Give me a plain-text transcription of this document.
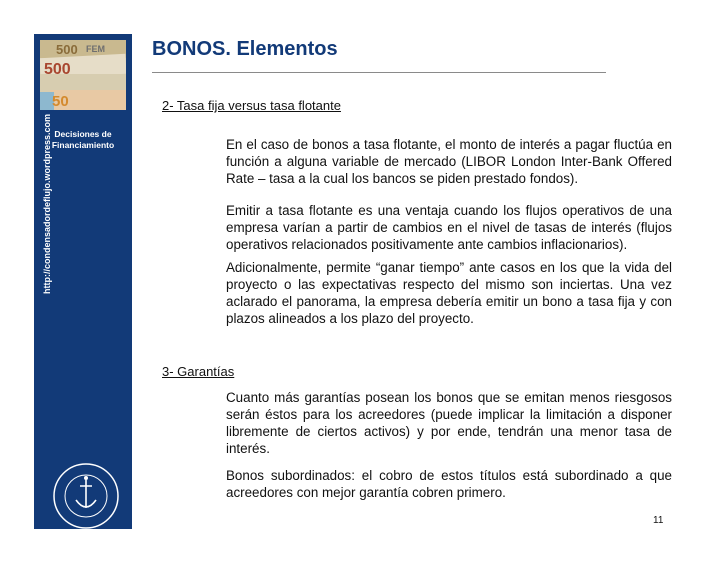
500 FEM
500
50
Decisiones de
Financiamiento
http://condensadordeflujo.wordpress.com
BONOS. Elementos
2- Tasa fija versus tasa flotante

En el caso de bonos a tasa flotante, el monto de interés a pagar fluctúa en función a alguna variable de mercado (LIBOR London Inter-Bank Offered Rate – tasa a la cual los bancos se piden prestado fondos).

Emitir a tasa flotante es una ventaja cuando los flujos operativos de una empresa varían a partir de cambios en el nivel de tasas de interés (flujos operativos relacionados positivamente ante cambios inflacionarios).

Adicionalmente, permite “ganar tiempo” ante casos en los que la vida del proyecto o las expectativas respecto del mismo son inciertas. Una vez aclarado el panorama, la empresa debería emitir un bono a tasa fija y con plazos alineados a los plazo del proyecto.

3- Garantías

Cuanto más garantías posean los bonos que se emitan menos riesgosos serán éstos para los acreedores (puede implicar la limitación a disponer libremente de ciertos activos) y por ende, tendrán una menor tasa de interés.

Bonos subordinados: el cobro de estos títulos está subordinado a que acreedores con mejor garantía cobren primero.

11
